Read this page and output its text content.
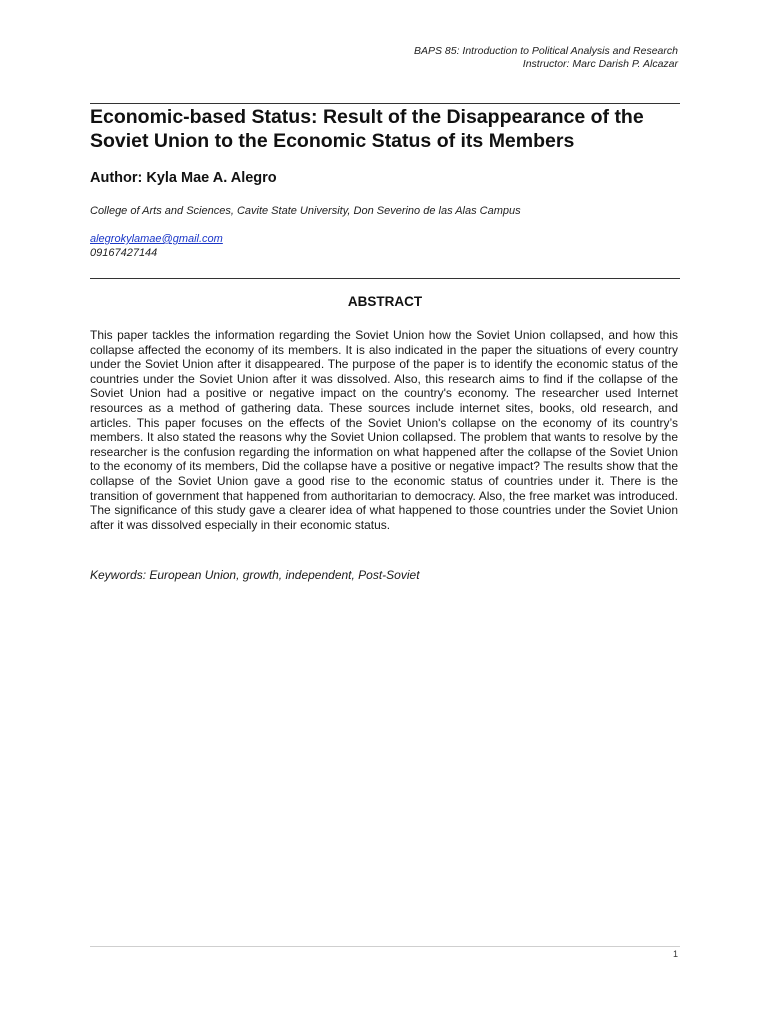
BAPS 85: Introduction to Political Analysis and Research
Instructor: Marc Darish P. Alcazar
Economic-based Status: Result of the Disappearance of the Soviet Union to the Economic Status of its Members
Author: Kyla Mae A. Alegro
College of Arts and Sciences, Cavite State University, Don Severino de las Alas Campus
alegrokylamae@gmail.com
09167427144
ABSTRACT
This paper tackles the information regarding the Soviet Union how the Soviet Union collapsed, and how this collapse affected the economy of its members. It is also indicated in the paper the situations of every country under the Soviet Union after it disappeared. The purpose of the paper is to identify the economic status of the countries under the Soviet Union after it was dissolved. Also, this research aims to find if the collapse of the Soviet Union had a positive or negative impact on the country's economy. The researcher used Internet resources as a method of gathering data. These sources include internet sites, books, old research, and articles. This paper focuses on the effects of the Soviet Union's collapse on the economy of its country’s members. It also stated the reasons why the Soviet Union collapsed. The problem that wants to resolve by the researcher is the confusion regarding the information on what happened after the collapse of the Soviet Union to the economy of its members, Did the collapse have a positive or negative impact? The results show that the collapse of the Soviet Union gave a good rise to the economic status of countries under it. There is the transition of government that happened from authoritarian to democracy. Also, the free market was introduced. The significance of this study gave a clearer idea of what happened to those countries under the Soviet Union after it was dissolved especially in their economic status.
Keywords: European Union, growth, independent, Post-Soviet
1
